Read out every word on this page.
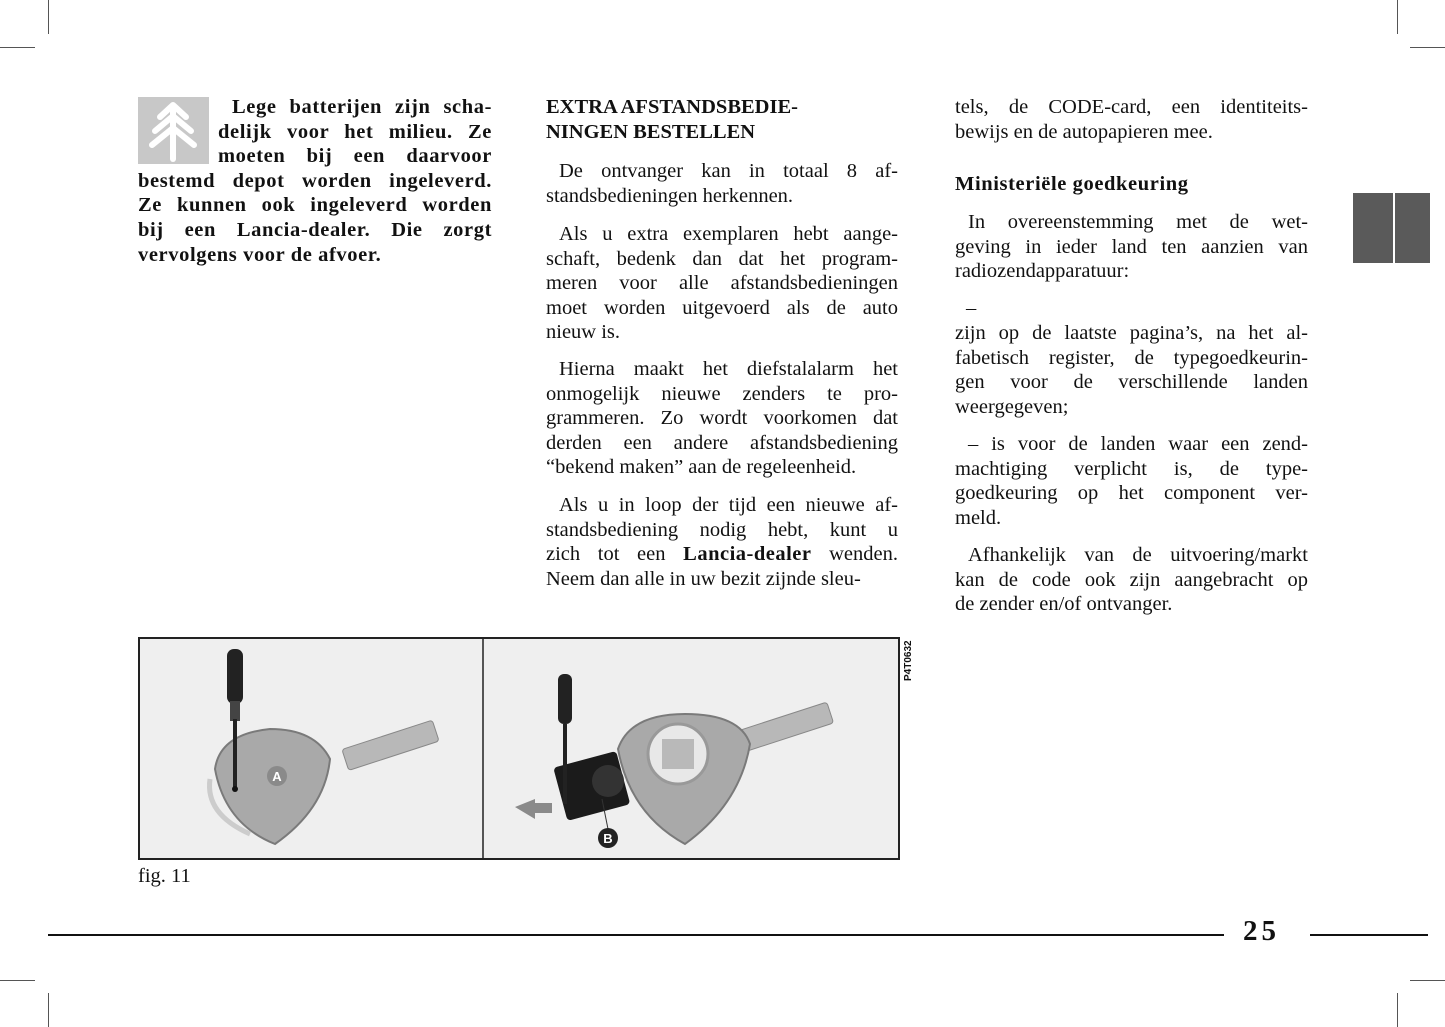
Lege batterijen zijn scha-
delijk voor het milieu. Ze
moeten bij een daarvoor
bestemd depot worden ingeleverd.
Ze kunnen ook ingeleverd worden
bij een Lancia-dealer. Die zorgt
vervolgens voor de afvoer.
EXTRA AFSTANDSBEDIE-
NINGEN BESTELLEN
De ontvanger kan in totaal 8 af-
standsbedieningen herkennen.
Als u extra exemplaren hebt aange-
schaft, bedenk dan dat het program-
meren voor alle afstandsbedieningen
moet worden uitgevoerd als de auto
nieuw is.
Hierna maakt het diefstalalarm het
onmogelijk nieuwe zenders te pro-
grammeren. Zo wordt voorkomen dat
derden een andere afstandsbediening
“bekend maken” aan de regeleenheid.
Als u in loop der tijd een nieuwe af-
standsbediening nodig hebt, kunt u
zich tot een Lancia-dealer wenden.
Neem dan alle in uw bezit zijnde sleu-
tels, de CODE-card, een identiteits-
bewijs en de autopapieren mee.
Ministeriële goedkeuring
In overeenstemming met de wet-
geving in ieder land ten aanzien van
radiozendapparatuur:
–
zijn op de laatste pagina’s, na het al-
fabetisch register, de typegoedkeurin-
gen voor de verschillende landen
weergegeven;
– is voor de landen waar een zend-
machtiging verplicht is, de type-
goedkeuring op het component ver-
meld.
Afhankelijk van de uitvoering/markt
kan de code ook zijn aangebracht op
de zender en/of ontvanger.
A
B
P4T0632
fig. 11
25
